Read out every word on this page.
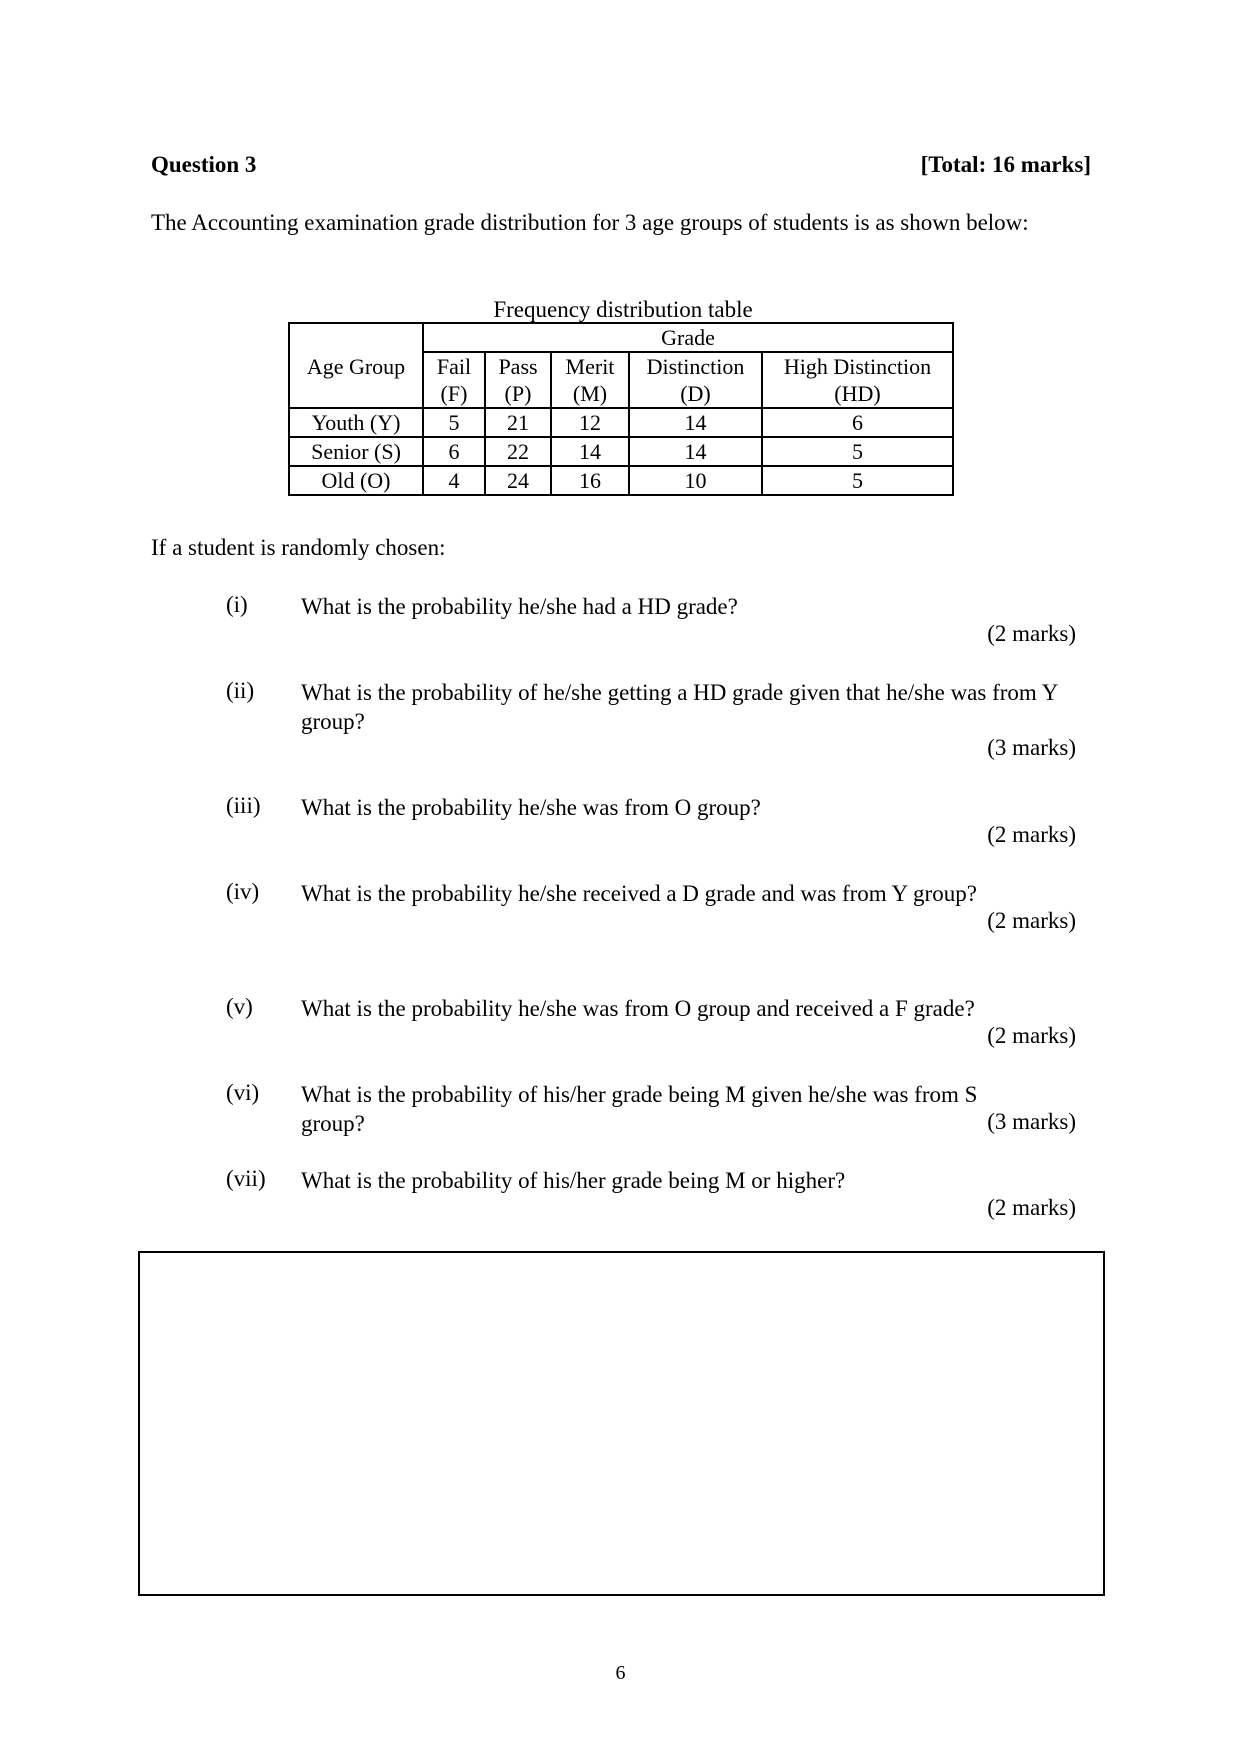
Question 3	[Total: 16 marks]
The Accounting examination grade distribution for 3 age groups of students is as shown below:
Frequency distribution table
	Grade				
Age Group	Fail	Pass	Merit	Distinction	High Distinction
	(F)	(P)	(M)	(D)	(HD)
Youth (Y)	5	21	12	14	6
Senior (S)	6	22	14	14	5
Old (O)	4	24	16	10	5
If a student is randomly chosen:
(i) What is the probability he/she had a HD grade?
(2 marks)
(ii) What is the probability of he/she getting a HD grade given that he/she was from Y group?
(3 marks)
(iii) What is the probability he/she was from O group?
(2 marks)
(iv) What is the probability he/she received a D grade and was from Y group?
(2 marks)
(v) What is the probability he/she was from O group and received a F grade?
(2 marks)
(vi) What is the probability of his/her grade being M given he/she was from S group?	(3 marks)
(vii) What is the probability of his/her grade being M or higher?
(2 marks)
6
